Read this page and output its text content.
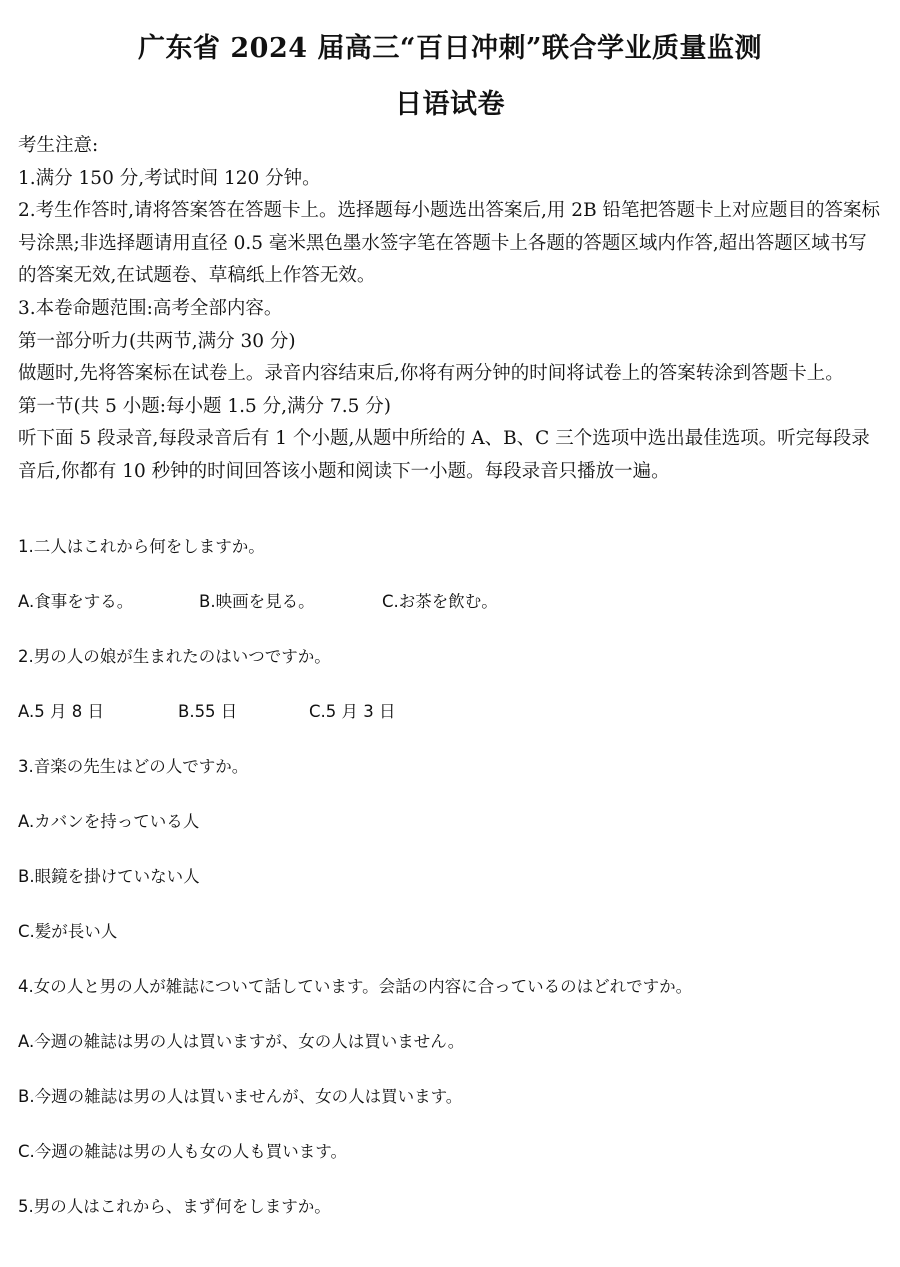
广东省 2024 届高三“百日冲刺”联合学业质量监测
日语试卷

考生注意:

1.满分 150 分,考试时间 120 分钟。

2.考生作答时,请将答案答在答题卡上。选择题每小题选出答案后,用 2B 铅笔把答题卡上对应题目的答案标号涂黑;非选择题请用直径 0.5 毫米黑色墨水签字笔在答题卡上各题的答题区域内作答,超出答题区域书写的答案无效,在试题卷、草稿纸上作答无效。

3.本卷命题范围:高考全部内容。

第一部分听力(共两节,满分 30 分)

做题时,先将答案标在试卷上。录音内容结束后,你将有两分钟的时间将试卷上的答案转涂到答题卡上。

第一节(共 5 小题:每小题 1.5 分,满分 7.5 分)

听下面 5 段录音,每段录音后有 1 个小题,从题中所给的 A、B、C 三个选项中选出最佳选项。听完每段录音后,你都有 10 秒钟的时间回答该小题和阅读下一小题。每段录音只播放一遍。

1.二人はこれから何をしますか。
A.食事をする。	B.映画を見る。	C.お茶を飲む。
2.男の人の娘が生まれたのはいつですか。
A.5 月 8 日	B.55 日	C.5 月 3 日
3.音楽の先生はどの人ですか。
A.カバンを持っている人
B.眼鏡を掛けていない人
C.髪が長い人
4.女の人と男の人が雑誌について話しています。会話の内容に合っているのはどれですか。
A.今週の雑誌は男の人は買いますが、女の人は買いません。
B.今週の雑誌は男の人は買いませんが、女の人は買います。
C.今週の雑誌は男の人も女の人も買います。
5.男の人はこれから、まず何をしますか。
